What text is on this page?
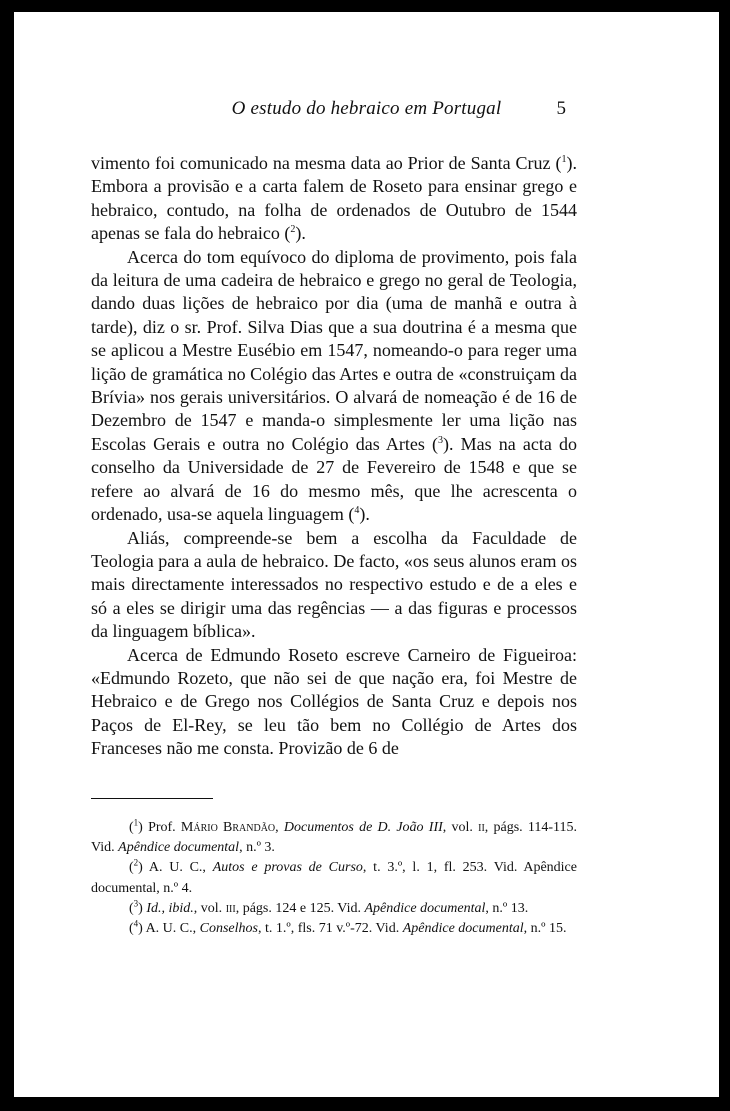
O estudo do hebraico em Portugal	5

vimento foi comunicado na mesma data ao Prior de Santa Cruz ($^1$). Embora a provisão e a carta falem de Roseto para ensinar grego e hebraico, contudo, na folha de ordenados de Outubro de 1544 apenas se fala do hebraico ($^2$).

Acerca do tom equívoco do diploma de provimento, pois fala da leitura de uma cadeira de hebraico e grego no geral de Teologia, dando duas lições de hebraico por dia (uma de manhã e outra à tarde), diz o sr. Prof. Silva Dias que a sua doutrina é a mesma que se aplicou a Mestre Eusébio em 1547, nomeando-o para reger uma lição de gramática no Colégio das Artes e outra de «construiçam da Brívia» nos gerais universitários. O alvará de nomeação é de 16 de Dezembro de 1547 e manda-o simplesmente ler uma lição nas Escolas Gerais e outra no Colégio das Artes ($^3$). Mas na acta do conselho da Universidade de 27 de Fevereiro de 1548 e que se refere ao alvará de 16 do mesmo mês, que lhe acrescenta o ordenado, usa-se aquela linguagem ($^4$).

Aliás, compreende-se bem a escolha da Faculdade de Teologia para a aula de hebraico. De facto, «os seus alunos eram os mais directamente interessados no respectivo estudo e de a eles e só a eles se dirigir uma das regências — a das figuras e processos da linguagem bíblica».

Acerca de Edmundo Roseto escreve Carneiro de Figueiroa: «Edmundo Rozeto, que não sei de que nação era, foi Mestre de Hebraico e de Grego nos Collégios de Santa Cruz e depois nos Paços de El-Rey, se leu tão bem no Collégio de Artes dos Franceses não me consta. Provizão de 6 de

($^1$) Prof. Mário Brandão, Documentos de D. João III, vol. ii, págs. 114-115. Vid. Apêndice documental, n.º 3.

($^2$) A. U. C., Autos e provas de Curso, t. 3.º, l. 1, fl. 253. Vid. Apêndice documental, n.º 4.

($^3$) Id., ibid., vol. iii, págs. 124 e 125. Vid. Apêndice documental, n.º 13.

($^4$) A. U. C., Conselhos, t. 1.º, fls. 71 v.º-72. Vid. Apêndice documental, n.º 15.
